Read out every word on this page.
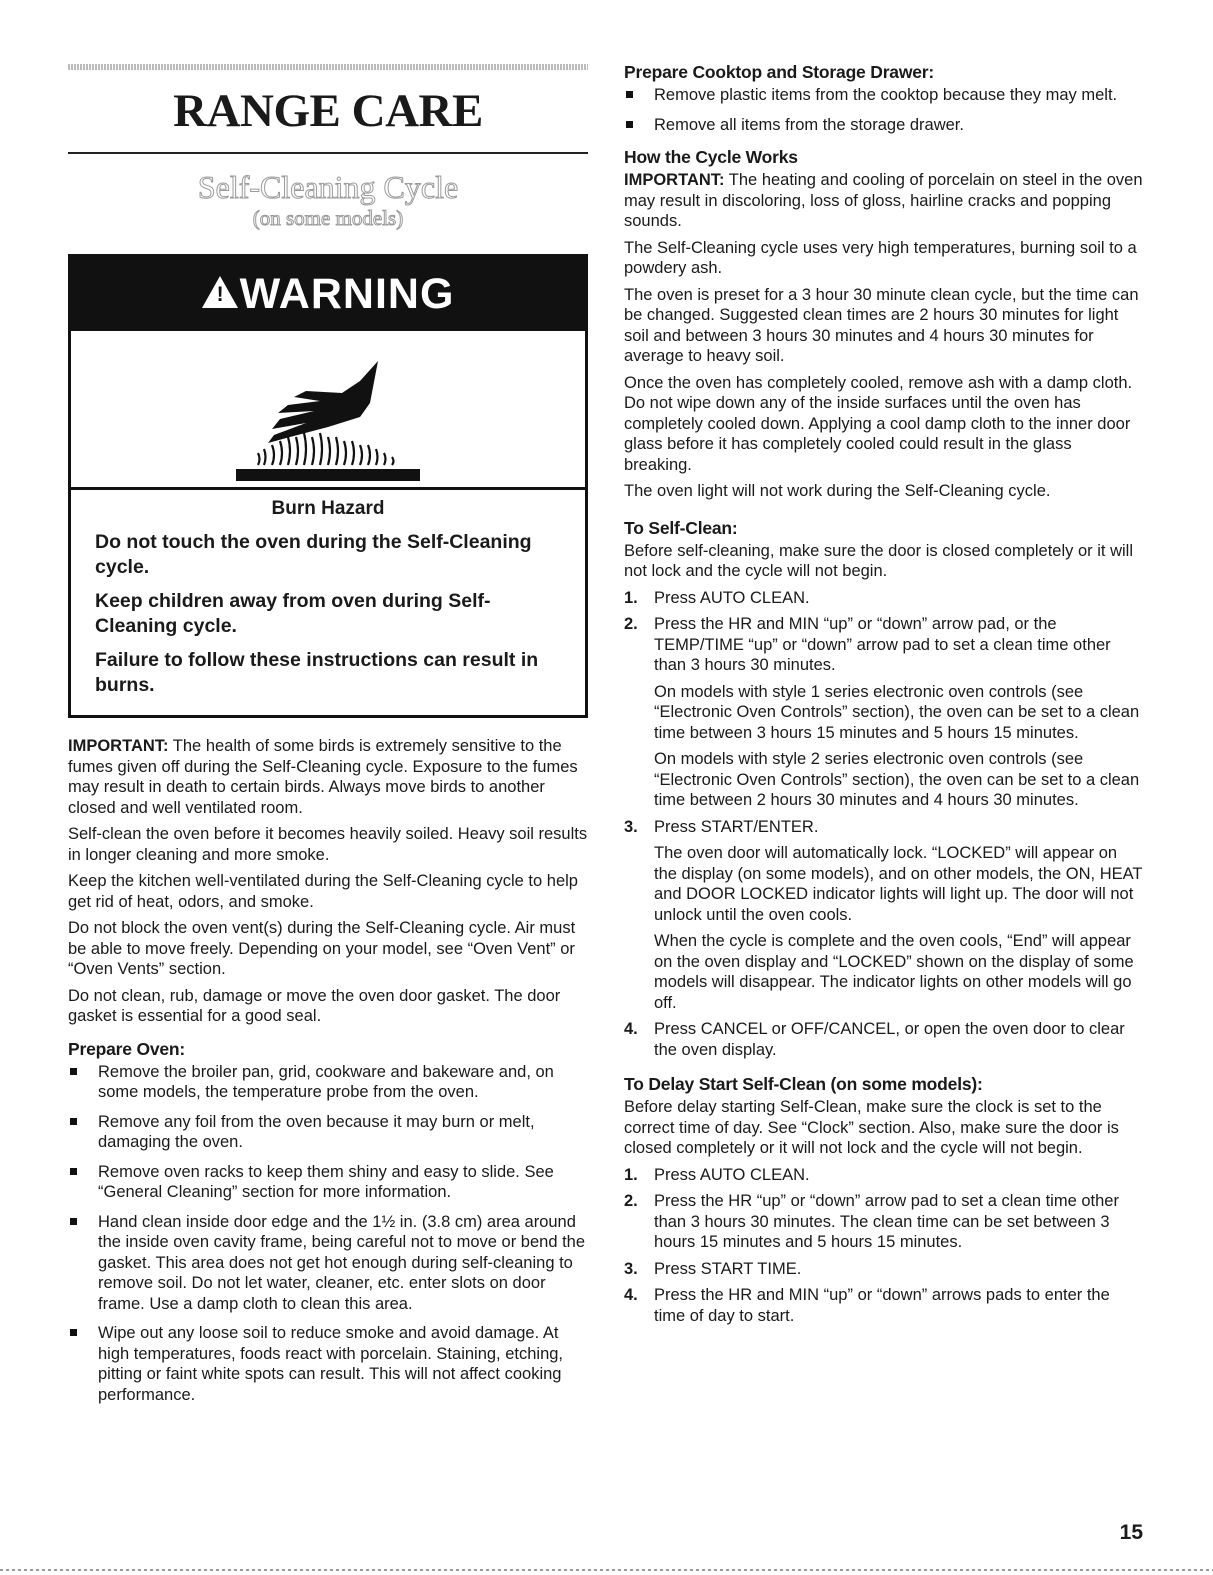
RANGE CARE
Self-Cleaning Cycle
(on some models)
! WARNING
Burn Hazard

Do not touch the oven during the Self-Cleaning cycle.

Keep children away from oven during Self-Cleaning cycle.

Failure to follow these instructions can result in burns.

IMPORTANT: The health of some birds is extremely sensitive to the fumes given off during the Self-Cleaning cycle. Exposure to the fumes may result in death to certain birds. Always move birds to another closed and well ventilated room.

Self-clean the oven before it becomes heavily soiled. Heavy soil results in longer cleaning and more smoke.

Keep the kitchen well-ventilated during the Self-Cleaning cycle to help get rid of heat, odors, and smoke.

Do not block the oven vent(s) during the Self-Cleaning cycle. Air must be able to move freely. Depending on your model, see “Oven Vent” or “Oven Vents” section.

Do not clean, rub, damage or move the oven door gasket. The door gasket is essential for a good seal.

Prepare Oven:
Remove the broiler pan, grid, cookware and bakeware and, on some models, the temperature probe from the oven.
Remove any foil from the oven because it may burn or melt, damaging the oven.
Remove oven racks to keep them shiny and easy to slide. See “General Cleaning” section for more information.
Hand clean inside door edge and the 1½ in. (3.8 cm) area around the inside oven cavity frame, being careful not to move or bend the gasket. This area does not get hot enough during self-cleaning to remove soil. Do not let water, cleaner, etc. enter slots on door frame. Use a damp cloth to clean this area.
Wipe out any loose soil to reduce smoke and avoid damage. At high temperatures, foods react with porcelain. Staining, etching, pitting or faint white spots can result. This will not affect cooking performance.
Prepare Cooktop and Storage Drawer:
Remove plastic items from the cooktop because they may melt.
Remove all items from the storage drawer.
How the Cycle Works

IMPORTANT: The heating and cooling of porcelain on steel in the oven may result in discoloring, loss of gloss, hairline cracks and popping sounds.

The Self-Cleaning cycle uses very high temperatures, burning soil to a powdery ash.

The oven is preset for a 3 hour 30 minute clean cycle, but the time can be changed. Suggested clean times are 2 hours 30 minutes for light soil and between 3 hours 30 minutes and 4 hours 30 minutes for average to heavy soil.

Once the oven has completely cooled, remove ash with a damp cloth. Do not wipe down any of the inside surfaces until the oven has completely cooled down. Applying a cool damp cloth to the inner door glass before it has completely cooled could result in the glass breaking.

The oven light will not work during the Self-Cleaning cycle.

To Self-Clean:

Before self-cleaning, make sure the door is closed completely or it will not lock and the cycle will not begin.

1. Press AUTO CLEAN.
2. Press the HR and MIN “up” or “down” arrow pad, or the TEMP/TIME “up” or “down” arrow pad to set a clean time other than 3 hours 30 minutes.
On models with style 1 series electronic oven controls (see “Electronic Oven Controls” section), the oven can be set to a clean time between 3 hours 15 minutes and 5 hours 15 minutes.
On models with style 2 series electronic oven controls (see “Electronic Oven Controls” section), the oven can be set to a clean time between 2 hours 30 minutes and 4 hours 30 minutes.
3. Press START/ENTER.
The oven door will automatically lock. “LOCKED” will appear on the display (on some models), and on other models, the ON, HEAT and DOOR LOCKED indicator lights will light up. The door will not unlock until the oven cools.
When the cycle is complete and the oven cools, “End” will appear on the oven display and “LOCKED” shown on the display of some models will disappear. The indicator lights on other models will go off.
4. Press CANCEL or OFF/CANCEL, or open the oven door to clear the oven display.
To Delay Start Self-Clean (on some models):

Before delay starting Self-Clean, make sure the clock is set to the correct time of day. See “Clock” section. Also, make sure the door is closed completely or it will not lock and the cycle will not begin.

1. Press AUTO CLEAN.
2. Press the HR “up” or “down” arrow pad to set a clean time other than 3 hours 30 minutes. The clean time can be set between 3 hours 15 minutes and 5 hours 15 minutes.
3. Press START TIME.
4. Press the HR and MIN “up” or “down” arrows pads to enter the time of day to start.
15
